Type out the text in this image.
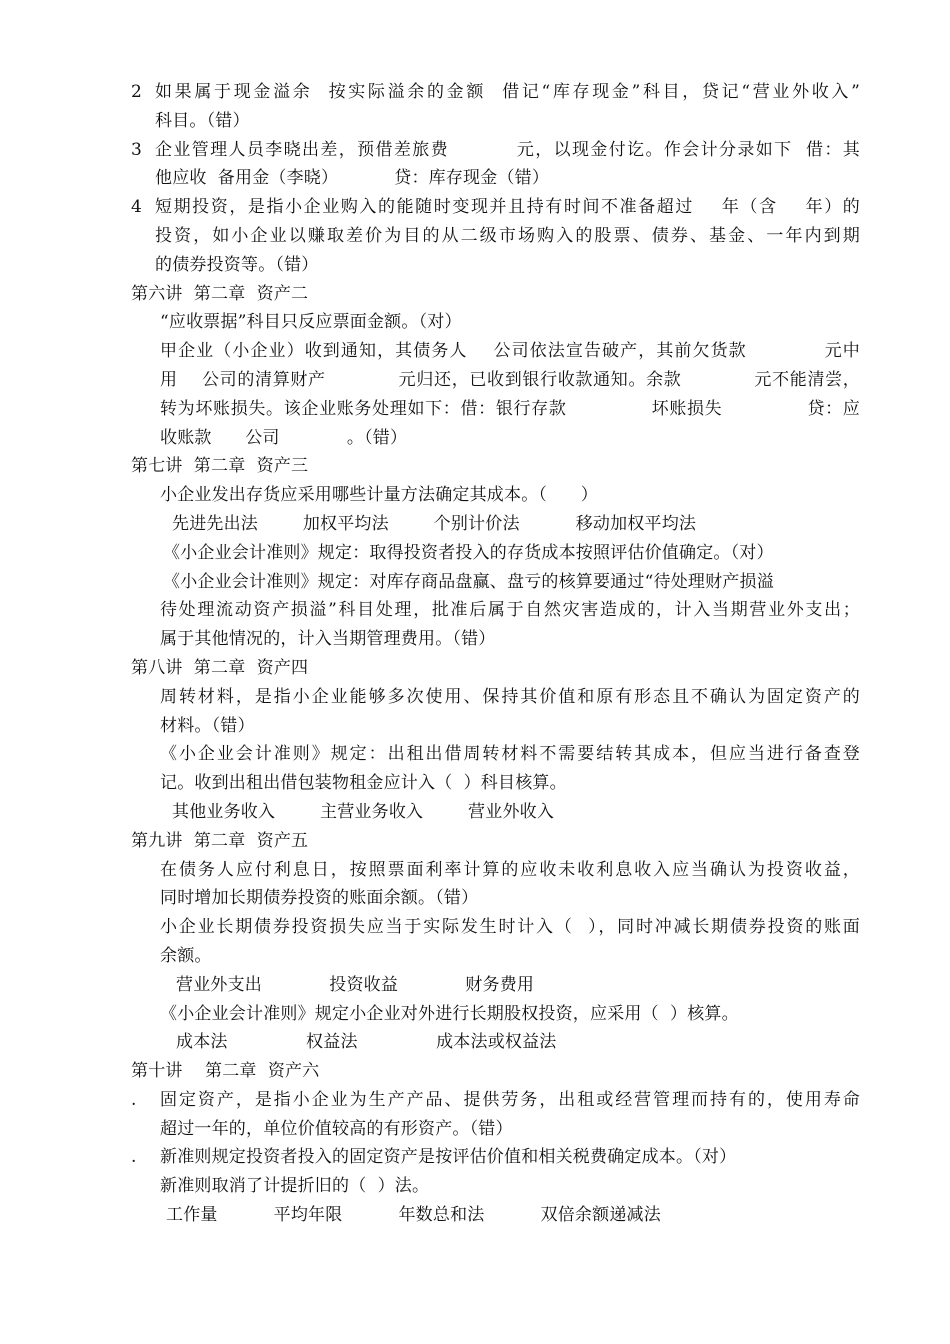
2 如果属于现金溢余  按实际溢余的金额  借记“库存现金”科目，贷记“营业外收入”
科目。（错）
3 企业管理人员李晓出差，预借差旅费          元，以现金付讫。作会计分录如下  借：其
他应收  备用金（李晓）          贷：库存现金（错）
4 短期投资，是指小企业购入的能随时变现并且持有时间不准备超过    年（含    年）的
投资，如小企业以赚取差价为目的从二级市场购入的股票、债券、基金、一年内到期
的债券投资等。（错）
第六讲  第二章  资产二
“应收票据”科目只反应票面金额。（对）
甲企业（小企业）收到通知，其债务人    公司依法宣告破产，其前欠货款            元中
用    公司的清算财产            元归还，已收到银行收款通知。余款            元不能清尝，
转为坏账损失。该企业账务处理如下：借：银行存款              坏账损失              贷：应
收账款      公司            。（错）
第七讲  第二章  资产三
小企业发出存货应采用哪些计量方法确定其成本。（      ）
先进先出法        加权平均法        个别计价法          移动加权平均法
《小企业会计准则》规定：取得投资者投入的存货成本按照评估价值确定。（对）
《小企业会计准则》规定：对库存商品盘赢、盘亏的核算要通过“待处理财产损溢
待处理流动资产损溢”科目处理，批准后属于自然灾害造成的，计入当期营业外支出；
属于其他情况的，计入当期管理费用。（错）
第八讲  第二章  资产四
周转材料，是指小企业能够多次使用、保持其价值和原有形态且不确认为固定资产的
材料。（错）
《小企业会计准则》规定：出租出借周转材料不需要结转其成本，但应当进行备查登
记。收到出租出借包装物租金应计入（  ）科目核算。
其他业务收入        主营业务收入        营业外收入
第九讲  第二章  资产五
在债务人应付利息日，按照票面利率计算的应收未收利息收入应当确认为投资收益，
同时增加长期债券投资的账面余额。（错）
小企业长期债券投资损失应当于实际发生时计入（  ），同时冲减长期债券投资的账面
余额。
营业外支出            投资收益            财务费用
《小企业会计准则》规定小企业对外进行长期股权投资，应采用（  ）核算。
成本法              权益法              成本法或权益法
第十讲    第二章  资产六
. 固定资产，是指小企业为生产产品、提供劳务，出租或经营管理而持有的，使用寿命
超过一年的，单位价值较高的有形资产。（错）
. 新准则规定投资者投入的固定资产是按评估价值和相关税费确定成本。（对）
新准则取消了计提折旧的（  ）法。
工作量          平均年限          年数总和法          双倍余额递减法
